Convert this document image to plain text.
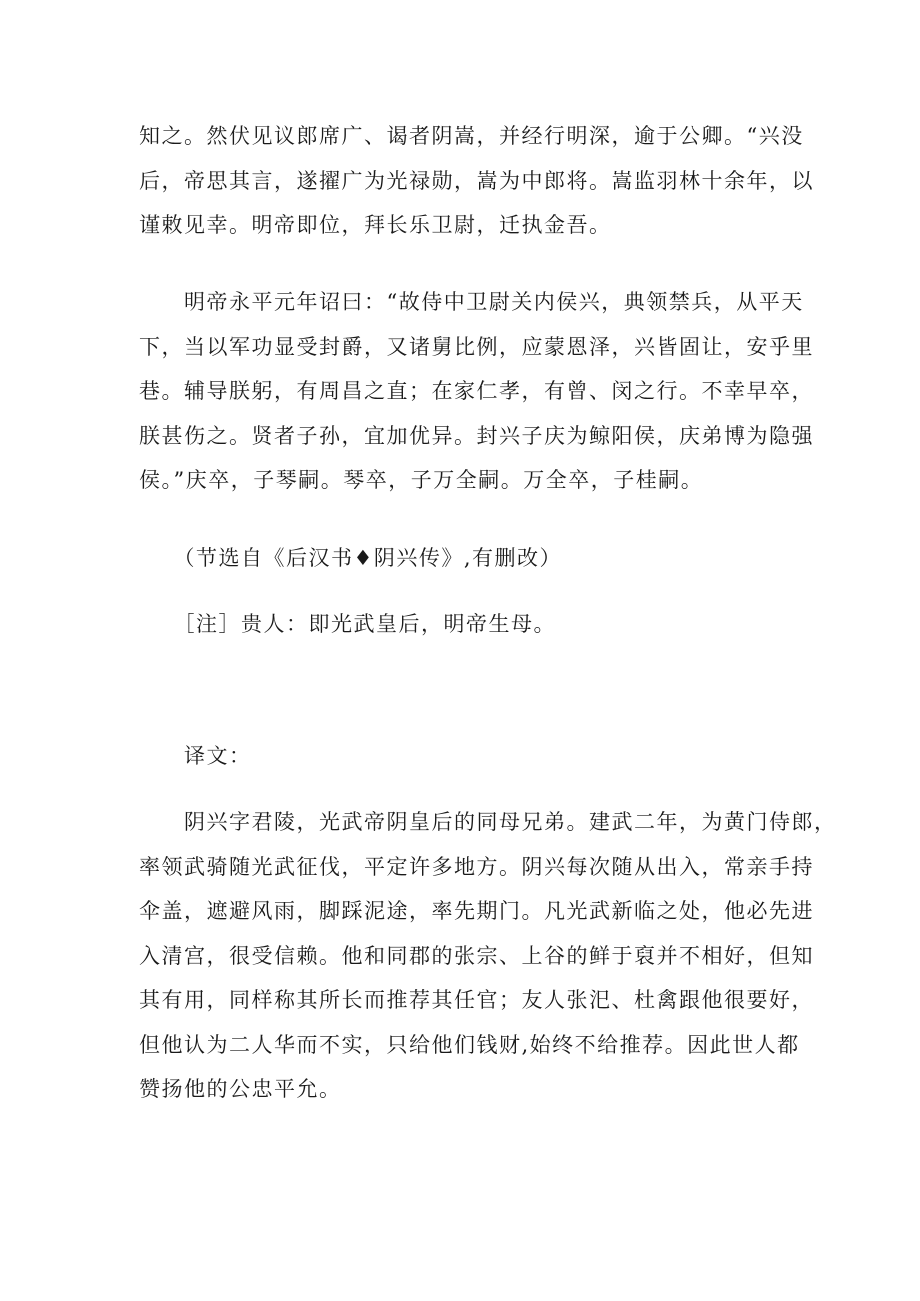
知之。然伏见议郎席广、谒者阴嵩，并经行明深，逾于公卿。“兴没
后，帝思其言，遂擢广为光禄勋，嵩为中郎将。嵩监羽林十余年，以
谨敕见幸。明帝即位，拜长乐卫尉，迁执金吾。

　　明帝永平元年诏曰：“故侍中卫尉关内侯兴，典领禁兵，从平天
下，当以军功显受封爵，又诸舅比例，应蒙恩泽，兴皆固让，安乎里
巷。辅导朕躬，有周昌之直；在家仁孝，有曾、闵之行。不幸早卒，
朕甚伤之。贤者子孙，宜加优异。封兴子庆为鲸阳侯，庆弟博为隐强
侯。”庆卒，子琴嗣。琴卒，子万全嗣。万全卒，子桂嗣。

　　（节选自《后汉书♦阴兴传》,有删改）

　　［注］贵人：即光武皇后，明帝生母。

　　译文：

　　阴兴字君陵，光武帝阴皇后的同母兄弟。建武二年，为黄门侍郎，
率领武骑随光武征伐，平定许多地方。阴兴每次随从出入，常亲手持
伞盖，遮避风雨，脚踩泥途，率先期门。凡光武新临之处，他必先进
入清宫，很受信赖。他和同郡的张宗、上谷的鲜于裒并不相好，但知
其有用，同样称其所长而推荐其任官；友人张汜、杜禽跟他很要好，
但他认为二人华而不实，只给他们钱财,始终不给推荐。因此世人都
赞扬他的公忠平允。
